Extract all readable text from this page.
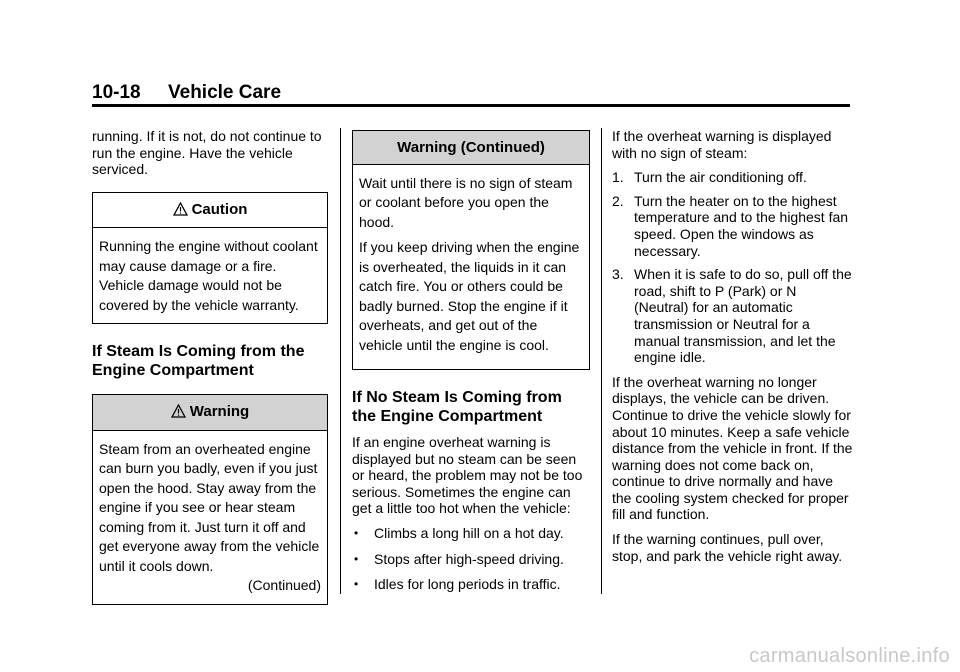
10-18 Vehicle Care

running. If it is not, do not continue to run the engine. Have the vehicle serviced.

Caution
Running the engine without coolant may cause damage or a fire. Vehicle damage would not be covered by the vehicle warranty.
If Steam Is Coming from the Engine Compartment
Warning
Steam from an overheated engine can burn you badly, even if you just open the hood. Stay away from the engine if you see or hear steam coming from it. Just turn it off and get everyone away from the vehicle until it cools down.
(Continued)
Warning (Continued)

Wait until there is no sign of steam or coolant before you open the hood.

If you keep driving when the engine is overheated, the liquids in it can catch fire. You or others could be badly burned. Stop the engine if it overheats, and get out of the vehicle until the engine is cool.

If No Steam Is Coming from the Engine Compartment

If an engine overheat warning is displayed but no steam can be seen or heard, the problem may not be too serious. Sometimes the engine can get a little too hot when the vehicle:

• Climbs a long hill on a hot day.
• Stops after high-speed driving.
• Idles for long periods in traffic.

If the overheat warning is displayed with no sign of steam:

1. Turn the air conditioning off.
2. Turn the heater on to the highest temperature and to the highest fan speed. Open the windows as necessary.
3. When it is safe to do so, pull off the road, shift to P (Park) or N (Neutral) for an automatic transmission or Neutral for a manual transmission, and let the engine idle.

If the overheat warning no longer displays, the vehicle can be driven. Continue to drive the vehicle slowly for about 10 minutes. Keep a safe vehicle distance from the vehicle in front. If the warning does not come back on, continue to drive normally and have the cooling system checked for proper fill and function.

If the warning continues, pull over, stop, and park the vehicle right away.

carmanualsonline.info
